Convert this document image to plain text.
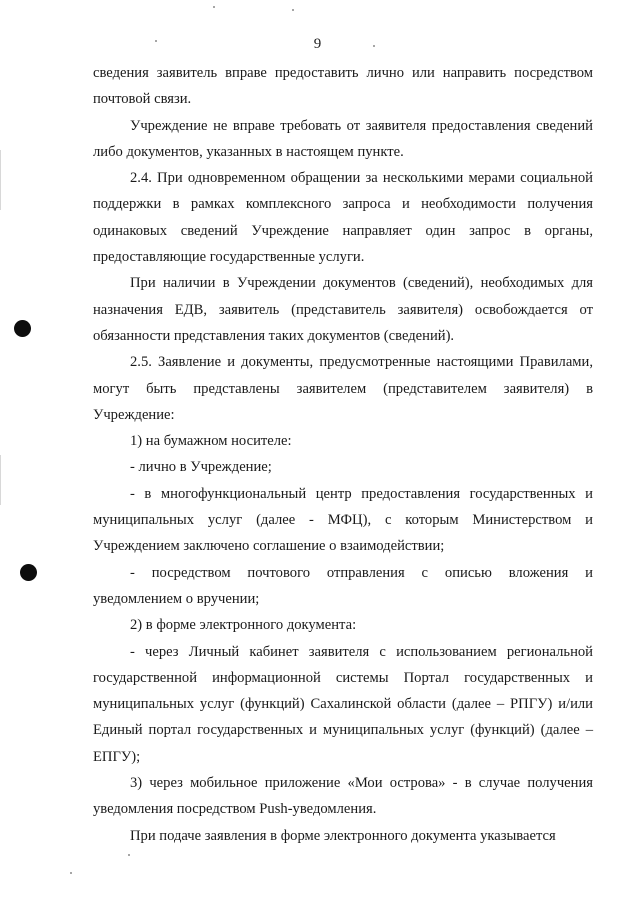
9

сведения заявитель вправе предоставить лично или направить посредством почтовой связи.

Учреждение не вправе требовать от заявителя предоставления сведений либо документов, указанных в настоящем пункте.

2.4. При одновременном обращении за несколькими мерами социальной поддержки в рамках комплексного запроса и необходимости получения одинаковых сведений Учреждение направляет один запрос в органы, предоставляющие государственные услуги.

При наличии в Учреждении документов (сведений), необходимых для назначения ЕДВ, заявитель (представитель заявителя) освобождается от обязанности представления таких документов (сведений).

2.5. Заявление и документы, предусмотренные настоящими Правилами, могут быть представлены заявителем (представителем заявителя) в Учреждение:

1) на бумажном носителе:

- лично в Учреждение;

- в многофункциональный центр предоставления государственных и муниципальных услуг (далее - МФЦ), с которым Министерством и Учреждением заключено соглашение о взаимодействии;

- посредством почтового отправления с описью вложения и уведомлением о вручении;

2) в форме электронного документа:

- через Личный кабинет заявителя с использованием региональной государственной информационной системы Портал государственных и муниципальных услуг (функций) Сахалинской области (далее – РПГУ) и/или Единый портал государственных и муниципальных услуг (функций) (далее – ЕПГУ);

3) через мобильное приложение «Мои острова» - в случае получения уведомления посредством Push-уведомления.

При подаче заявления в форме электронного документа указывается
